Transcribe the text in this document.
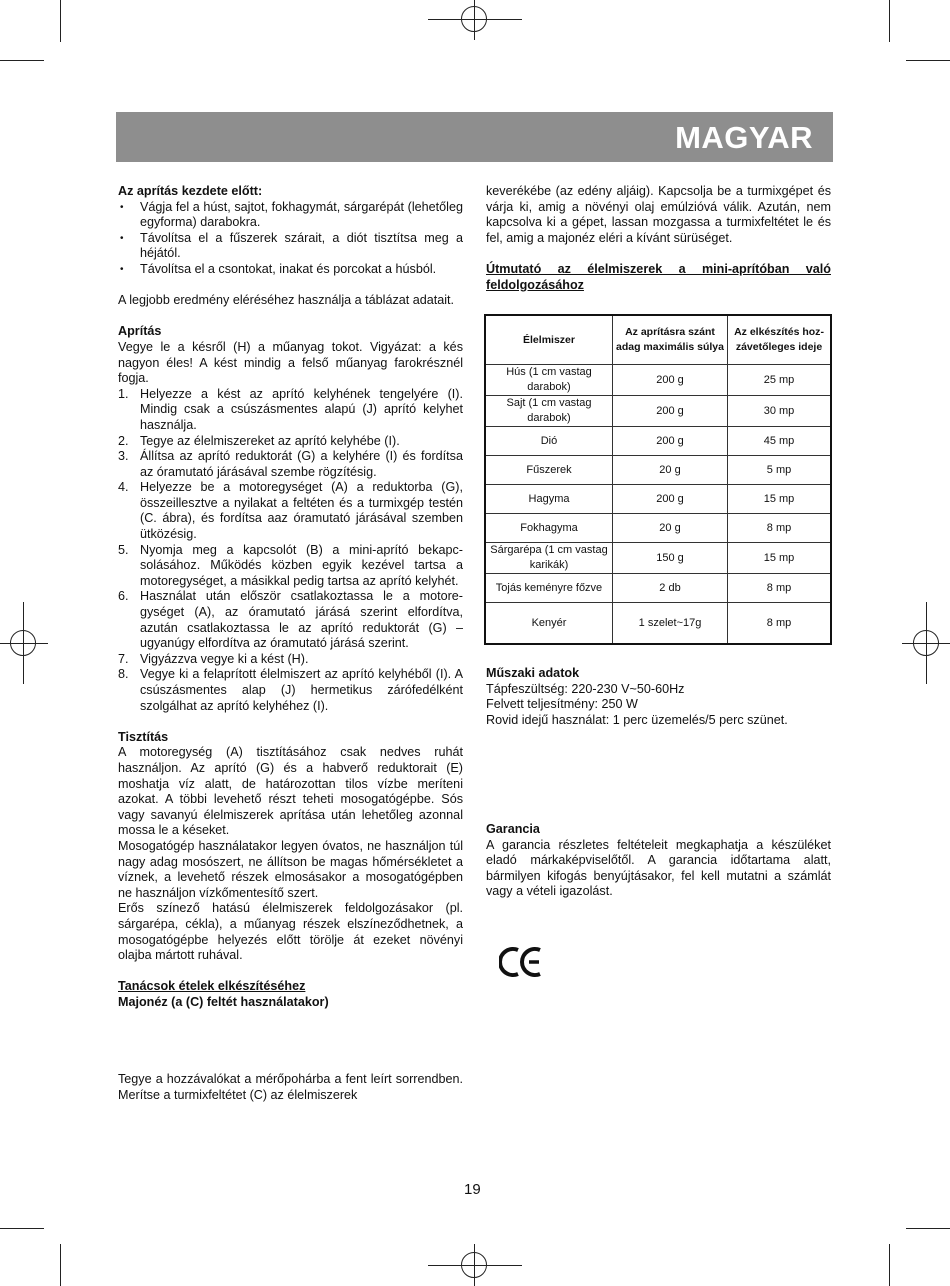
MAGYAR

Az aprítás kezdete előtt:

• Vágja fel a húst, sajtot, fokhagymát, sárgarépát (lehetőleg egyforma) darabokra.
• Távolítsa el a fűszerek szárait, a diót tisztítsa meg a héjától.
• Távolítsa el a csontokat, inakat és porcokat a húsból.

A legjobb eredmény eléréséhez használja a táblázat adatait.

Aprítás

Vegye le a késről (H) a műanyag tokot. Vigyázat: a kés nagyon éles! A kést mindig a felső műanyag farokrésznél fogja.

1. Helyezze a kést az aprító kelyhének tengelyére (I). Mindig csak a csúszásmentes alapú (J) aprító kelyhet használja.
2. Tegye az élelmiszereket az aprító kelyhébe (I).
3. Állítsa az aprító reduktorát (G) a kelyhére (I) és fordítsa az óramutató járásával szembe rögzítésig.
4. Helyezze be a motoregységet (A) a reduktorba (G), összeillesztve a nyilakat a feltéten és a turmixgép testén (C. ábra), és fordítsa aaz óramutató járásával szemben ütközésig.
5. Nyomja meg a kapcsolót (B) a mini-aprító bekapcsolásához. Működés közben egyik kezével tartsa a motoregységet, a másikkal pedig tartsa az aprító kelyhét.
6. Használat után először csatlakoztassa le a motoregységet (A), az óramutató járásá szerint elfordítva, azután csatlakoztassa le az aprító reduktorát (G) – ugyanúgy elfordítva az óramutató járásá szerint.
7. Vigyázzva vegye ki a kést (H).
8. Vegye ki a felaprított élelmiszert az aprító kelyhéből (I). A csúszásmentes alap (J) hermetikus zárófedélként szolgálhat az aprító kelyhéhez (I).

Tisztítás

A motoregység (A) tisztításához csak nedves ruhát használjon. Az aprító (G) és a habverő reduktorait (E) moshatja víz alatt, de határozottan tilos vízbe meríteni azokat. A többi levehető részt teheti mosogatógépbe. Sós vagy savanyú élelmiszerek aprítása után lehetőleg azonnal mossa le a késeket.

Mosogatógép használatakor legyen óvatos, ne használjon túl nagy adag mosószert, ne állítson be magas hőmérsékletet a víznek, a levehető részek elmosásakor a mosogatógépben ne használjon vízkőmentesítő szert.

Erős színező hatású élelmiszerek feldolgozásakor (pl. sárgarépa, cékla), a műanyag részek elszíneződhetnek, a mosogatógépbe helyezés előtt törölje át ezeket növényi olajba mártott ruhával.

Tanácsok ételek elkészítéséhez

Majonéz (a (C) feltét használatakor)

Tegye a hozzávalókat a mérőpohárba a fent leírt sorrendben. Merítse a turmixfeltétet (C) az élelmiszerek

keverékébe (az edény aljáig). Kapcsolja be a turmixgépet és várja ki, amig a növényi olaj emúlzióvá válik. Azután, nem kapcsolva ki a gépet, lassan mozgassa a turmixfeltétet le és fel, amig a majonéz eléri a kívánt sürüséget.

Útmutató az élelmiszerek a mini-aprítóban való feldolgozásához

Élelmiszer	Az aprításra szánt adag maximális súlya	Az elkészítés hozzávetőleges ideje
Hús (1 cm vastag darabok)	200 g	25 mp
Sajt (1 cm vastag darabok)	200 g	30 mp
Dió	200 g	45 mp
Fűszerek	20 g	5 mp
Hagyma	200 g	15 mp
Fokhagyma	20 g	8 mp
Sárgarépa (1 cm vastag karikák)	150 g	15 mp
Tojás keményre főzve	2 db	8 mp
Kenyér	1 szelet~17g	8 mp

Műszaki adatok

Tápfeszültség: 220-230 V~50-60Hz

Felvett teljesítmény: 250 W

Rovid idejű használat: 1 perc üzemelés/5 perc szünet.

Garancia

A garancia részletes feltételeit megkaphatja a készüléket eladó márkaképviselőtől. A garancia időtartama alatt, bármilyen kifogás benyújtásakor, fel kell mutatni a számlát vagy a vételi igazolást.

19
